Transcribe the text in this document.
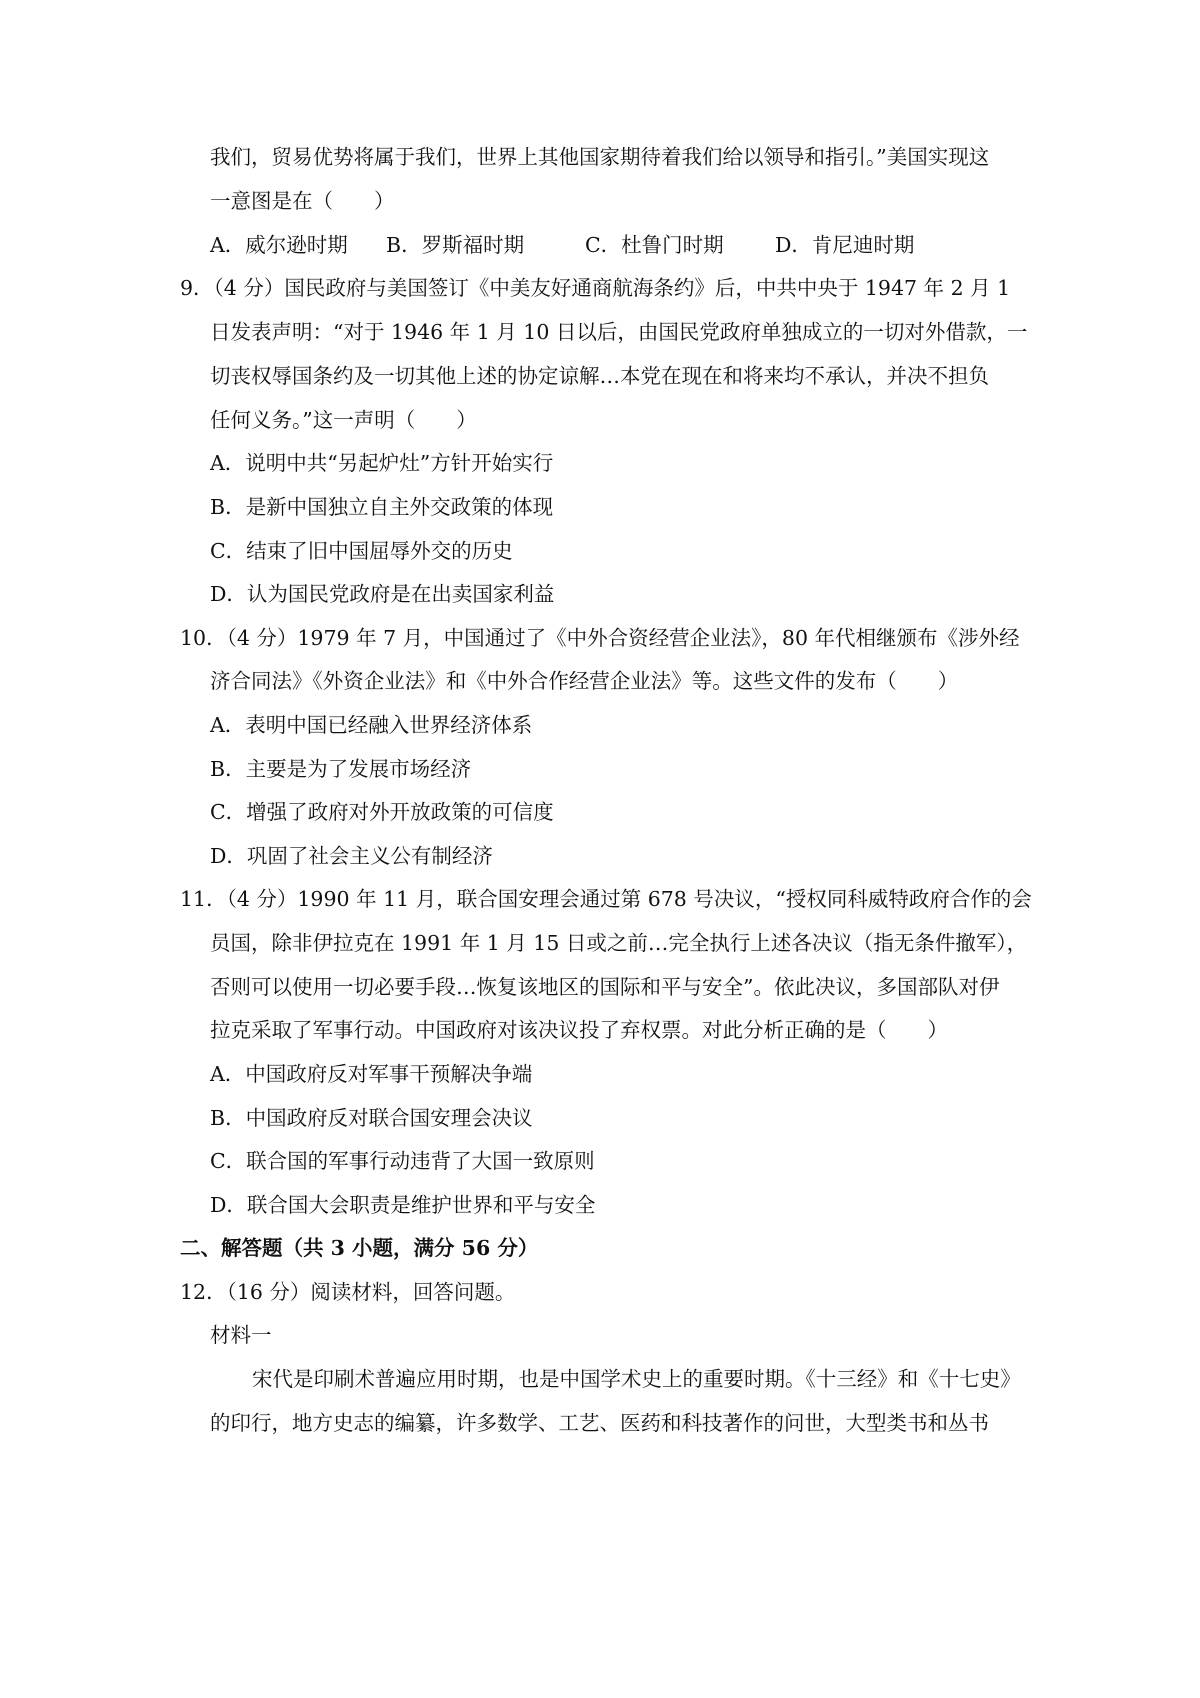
我们，贸易优势将属于我们，世界上其他国家期待着我们给以领导和指引。”美国实现这
一意图是在（　　）
A．威尔逊时期 B．罗斯福时期	C．杜鲁门时期	D．肯尼迪时期
9．（4 分）国民政府与美国签订《中美友好通商航海条约》后，中共中央于 1947 年 2 月 1
日发表声明：“对于 1946 年 1 月 10 日以后，由国民党政府单独成立的一切对外借款，一
切丧权辱国条约及一切其他上述的协定谅解…本党在现在和将来均不承认，并决不担负
任何义务。”这一声明（　　）
A．说明中共“另起炉灶”方针开始实行
B．是新中国独立自主外交政策的体现
C．结束了旧中国屈辱外交的历史
D．认为国民党政府是在出卖国家利益
10．（4 分）1979 年 7 月，中国通过了《中外合资经营企业法》，80 年代相继颁布《涉外经
济合同法》《外资企业法》和《中外合作经营企业法》等。这些文件的发布（　　）
A．表明中国已经融入世界经济体系
B．主要是为了发展市场经济
C．增强了政府对外开放政策的可信度
D．巩固了社会主义公有制经济
11．（4 分）1990 年 11 月，联合国安理会通过第 678 号决议，“授权同科威特政府合作的会
员国，除非伊拉克在 1991 年 1 月 15 日或之前…完全执行上述各决议（指无条件撤军），
否则可以使用一切必要手段…恢复该地区的国际和平与安全”。依此决议，多国部队对伊
拉克采取了军事行动。中国政府对该决议投了弃权票。对此分析正确的是（　　）
A．中国政府反对军事干预解决争端
B．中国政府反对联合国安理会决议
C．联合国的军事行动违背了大国一致原则
D．联合国大会职责是维护世界和平与安全
二、解答题（共 3 小题，满分 56 分）
12．（16 分）阅读材料，回答问题。
材料一
宋代是印刷术普遍应用时期，也是中国学术史上的重要时期。《十三经》和《十七史》
的印行，地方史志的编纂，许多数学、工艺、医药和科技著作的问世，大型类书和丛书
